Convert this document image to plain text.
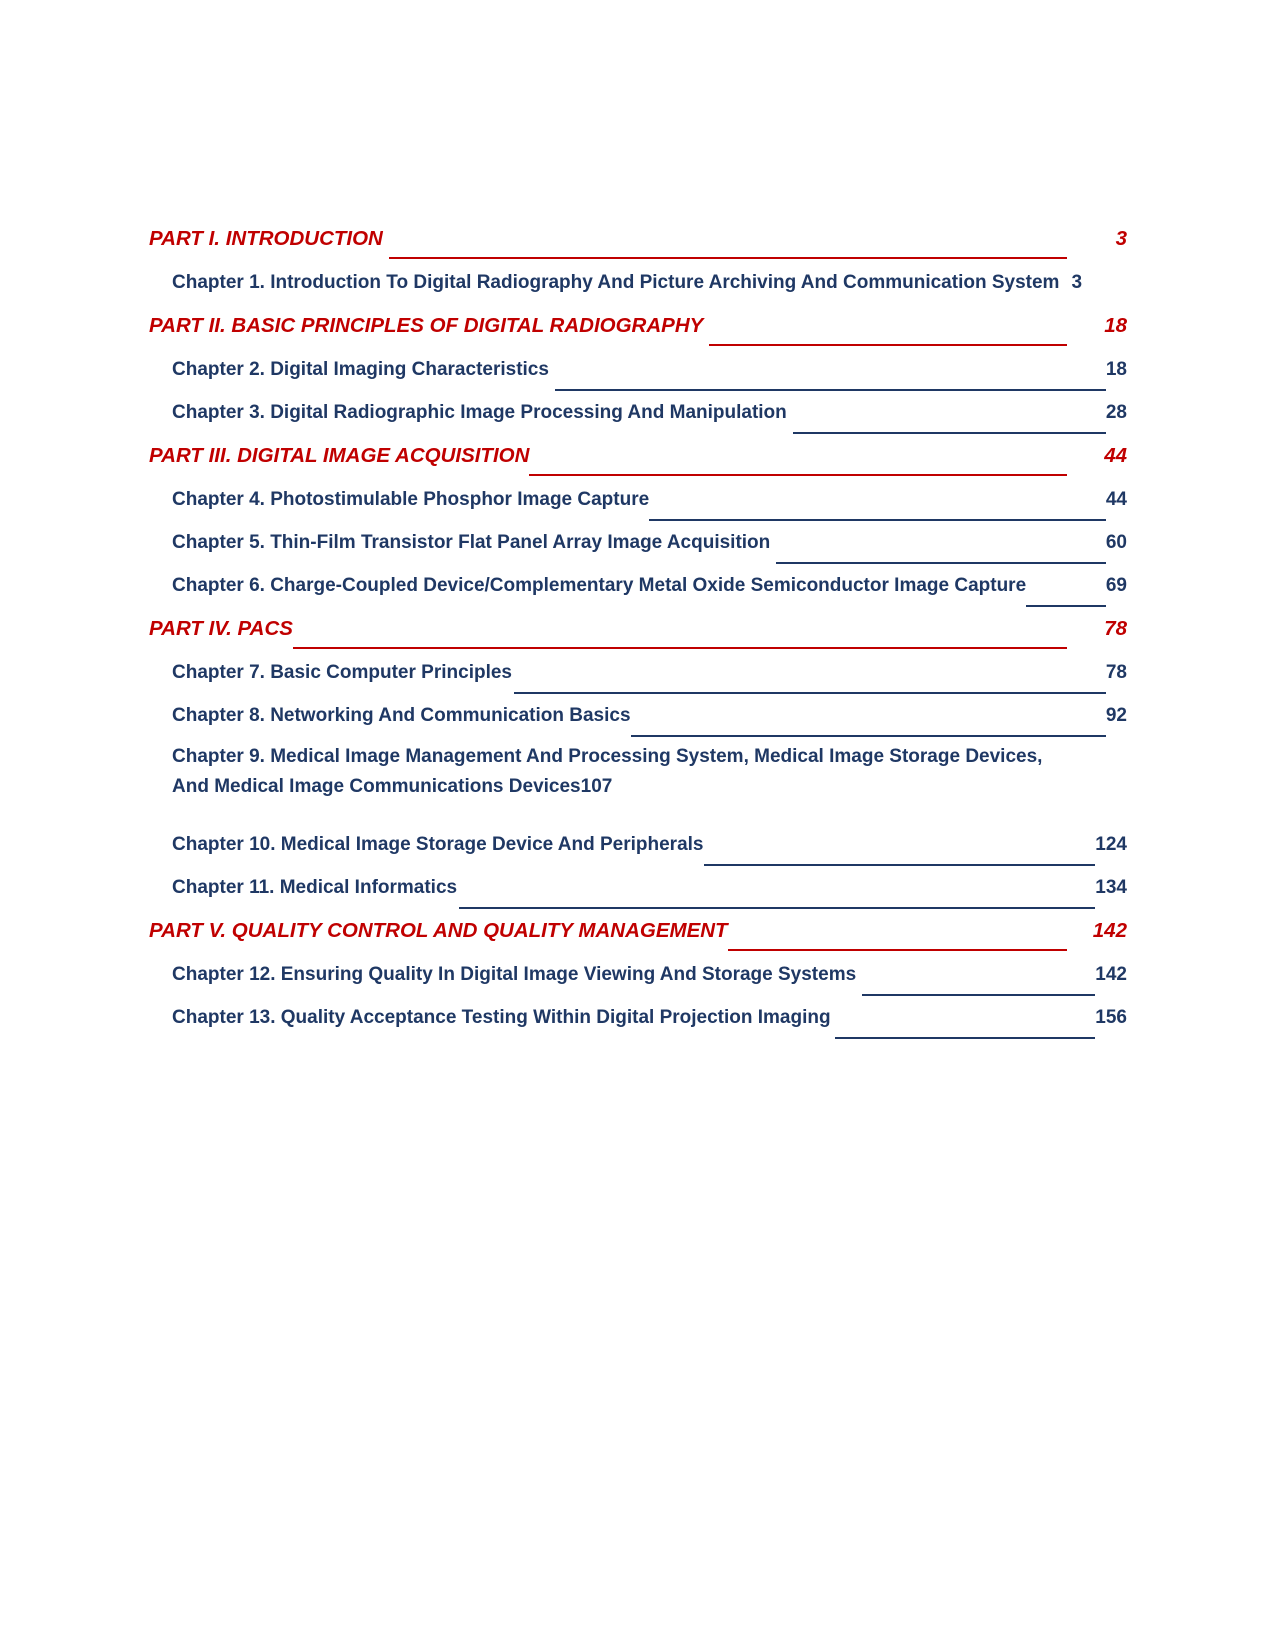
PART I. INTRODUCTION	3
Chapter 1. Introduction To Digital Radiography And Picture Archiving And Communication System 3
PART II. BASIC PRINCIPLES OF DIGITAL RADIOGRAPHY	18
Chapter 2. Digital Imaging Characteristics	18
Chapter 3. Digital Radiographic Image Processing And Manipulation	28
PART III. DIGITAL IMAGE ACQUISITION	44
Chapter 4. Photostimulable Phosphor Image Capture	44
Chapter 5. Thin-Film Transistor Flat Panel Array Image Acquisition	60
Chapter 6. Charge-Coupled Device/Complementary Metal Oxide Semiconductor Image Capture	69
PART IV. PACS	78
Chapter 7. Basic Computer Principles	78
Chapter 8. Networking And Communication Basics	92
Chapter 9. Medical Image Management And Processing System, Medical Image Storage Devices,
And Medical Image Communications Devices 107
Chapter 10. Medical Image Storage Device And Peripherals	124
Chapter 11. Medical Informatics	134
PART V. QUALITY CONTROL AND QUALITY MANAGEMENT	142
Chapter 12. Ensuring Quality In Digital Image Viewing And Storage Systems	142
Chapter 13. Quality Acceptance Testing Within Digital Projection Imaging	156
